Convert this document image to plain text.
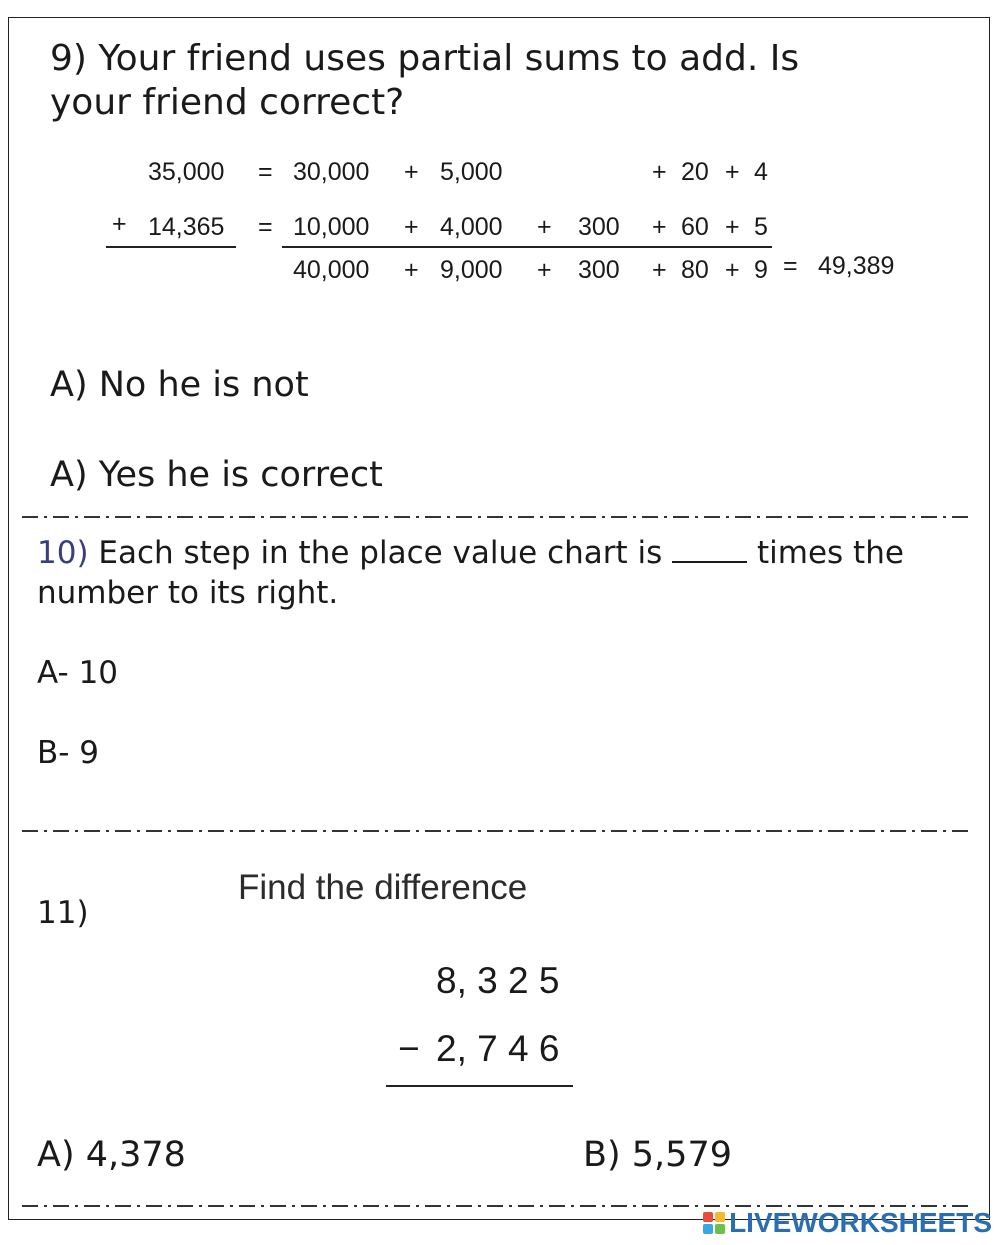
9) Your friend uses partial sums to add. Is
your friend correct?
35,000 = 30,000 + 5,000	+ 20 + 4
+ 14,365 = 10,000 + 4,000 + 300 + 60 + 5
40,000 + 9,000 + 300 + 80 + 9 = 49,389
A) No he is not
A) Yes he is correct
10) Each step in the place value chart is	times the
number to its right.
A- 10
B- 9
11)
Find the difference
8, 3 2 5
− 2, 7 4 6
A) 4,378	B) 5,579
LIVEWORKSHEETS
